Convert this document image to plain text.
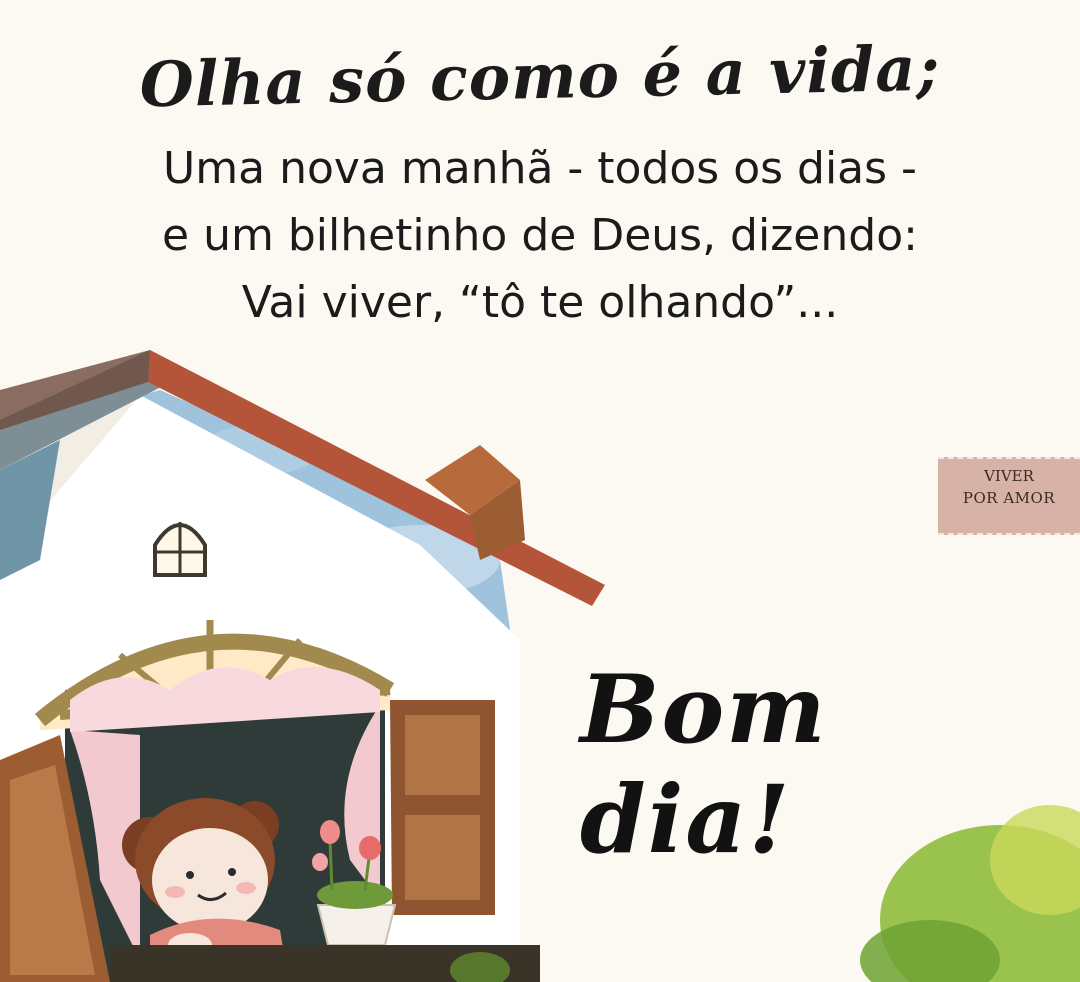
Olha só como é a vida;

Uma nova manhã - todos os dias -

e um bilhetinho de Deus, dizendo:

Vai viver, “tô te olhando”...

Bom dia!
VIVER
POR AMOR
